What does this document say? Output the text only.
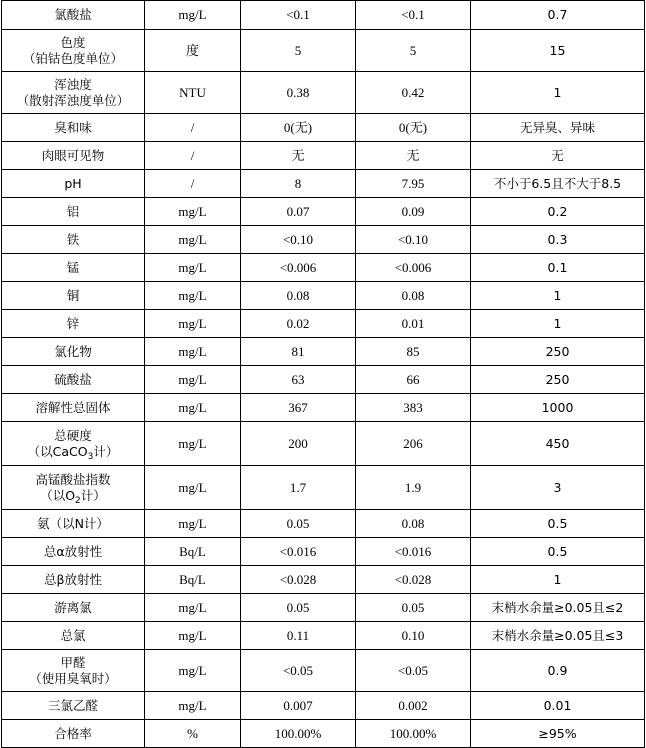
氯酸盐	mg/L	<0.1	<0.1	0.7
色度
（铂钴色度单位）	度	5	5	15
浑浊度
（散射浑浊度单位）	NTU	0.38	0.42	1
臭和味	/	0(无)	0(无)	无异臭、异味
肉眼可见物	/	无	无	无
pH	/	8	7.95	不小于6.5且不大于8.5
铝	mg/L	0.07	0.09	0.2
铁	mg/L	<0.10	<0.10	0.3
锰	mg/L	<0.006	<0.006	0.1
铜	mg/L	0.08	0.08	1
锌	mg/L	0.02	0.01	1
氯化物	mg/L	81	85	250
硫酸盐	mg/L	63	66	250
溶解性总固体	mg/L	367	383	1000
总硬度
（以CaCO$_3$计）	mg/L	200	206	450
高锰酸盐指数
（以$O_2$计）	mg/L	1.7	1.9	3
氨（以N计）	mg/L	0.05	0.08	0.5
总α放射性	Bq/L	<0.016	<0.016	0.5
总β放射性	Bq/L	<0.028	<0.028	1
游离氯	mg/L	0.05	0.05	末梢水余量≥0.05且≤2
总氯	mg/L	0.11	0.10	末梢水余量≥0.05且≤3
甲醛
（使用臭氧时）	mg/L	<0.05	<0.05	0.9
三氯乙醛	mg/L	0.007	0.002	0.01
合格率	%	100.00%	100.00%	≥95%
